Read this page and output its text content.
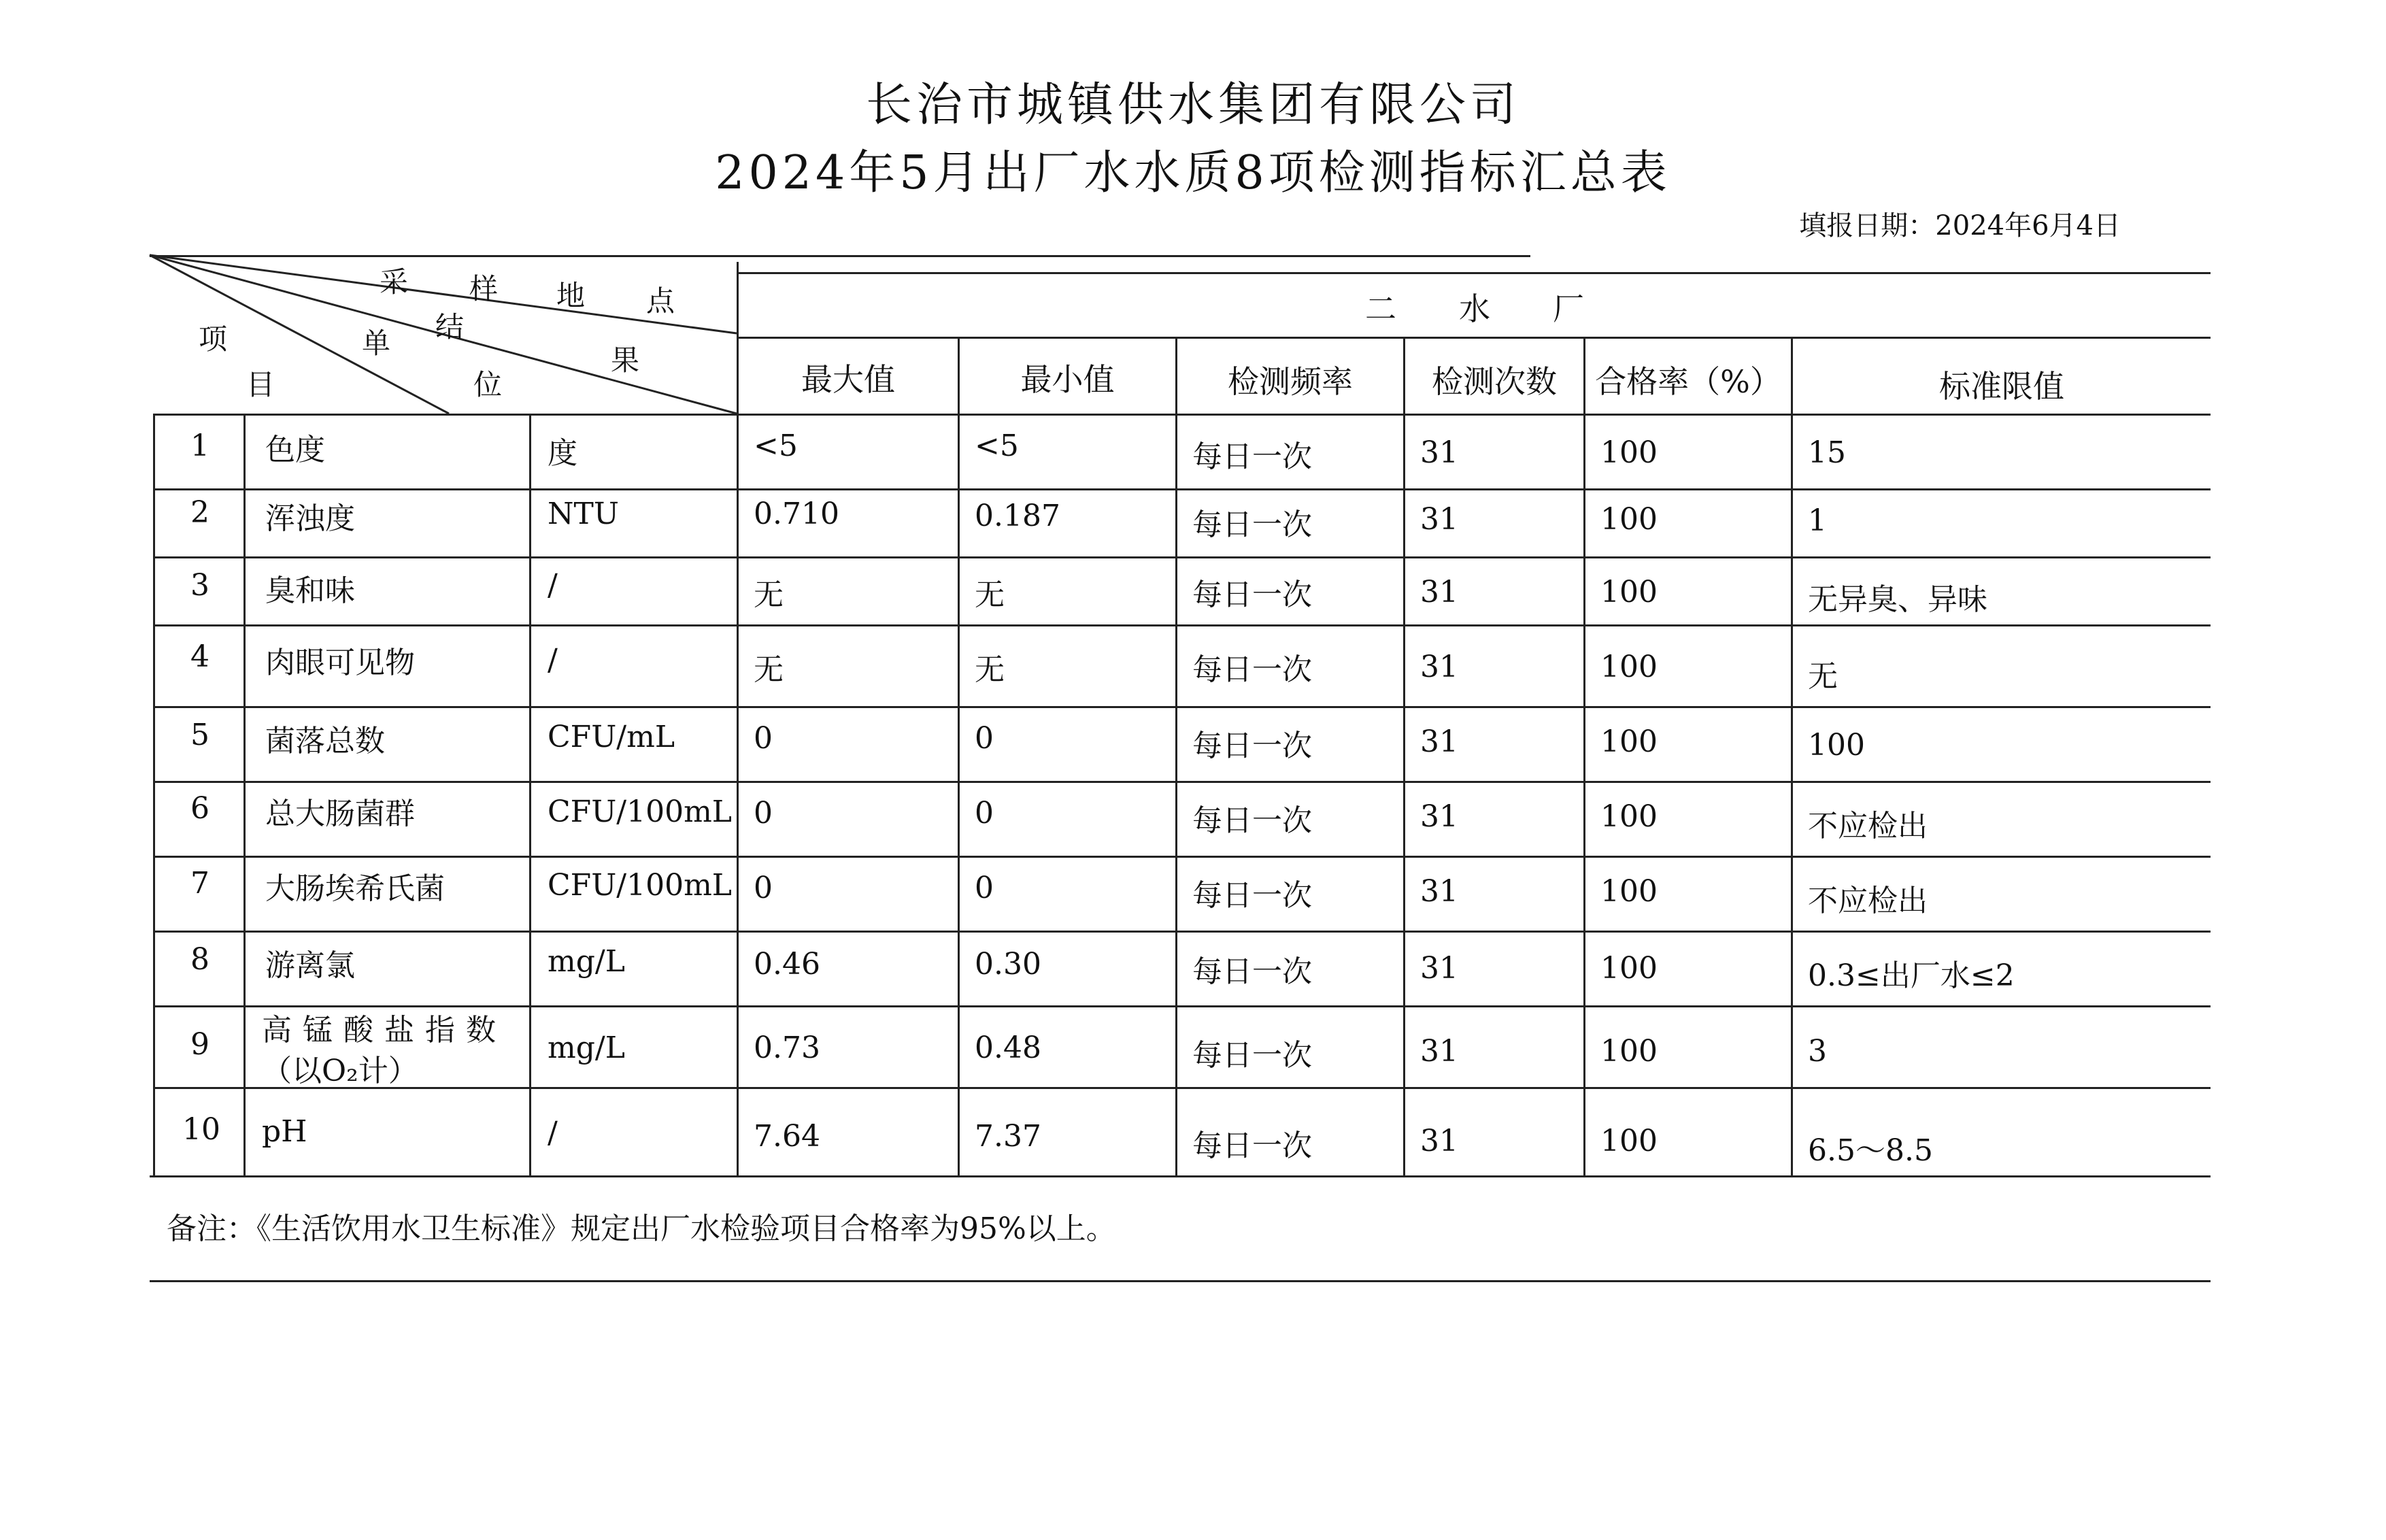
长治市城镇供水集团有限公司
2024年5月出厂水水质8项检测指标汇总表
填报日期：2024年6月4日
采 样 地 点
结
果
单
位
项
目
二　　水　　厂
最大值	最小值	检测频率	检测次数	合格率（%）	标准限值
1 色度	度	<5	<5	每日一次	31	100	15
2 浑浊度	NTU	0.710	0.187	每日一次	31	100	1
3 臭和味	/	无	无	每日一次	31	100	无异臭、异味
4 肉眼可见物	/	无	无	每日一次	31	100	无
5 菌落总数	CFU/mL	0	0	每日一次	31	100	100
6 总大肠菌群	CFU/100mL 0	0	每日一次	31	100	不应检出
7 大肠埃希氏菌	CFU/100mL 0	0	每日一次	31	100	不应检出
8 游离氯	mg/L	0.46	0.30	每日一次	31	100	0.3≤出厂水≤2
9 高锰酸盐指数
（以O₂计）
mg/L	0.73	0.48	每日一次	31	100	3
10 pH	/	7.64	7.37	每日一次	31	100	6.5～8.5
备注：《生活饮用水卫生标准》规定出厂水检验项目合格率为95%以上。
